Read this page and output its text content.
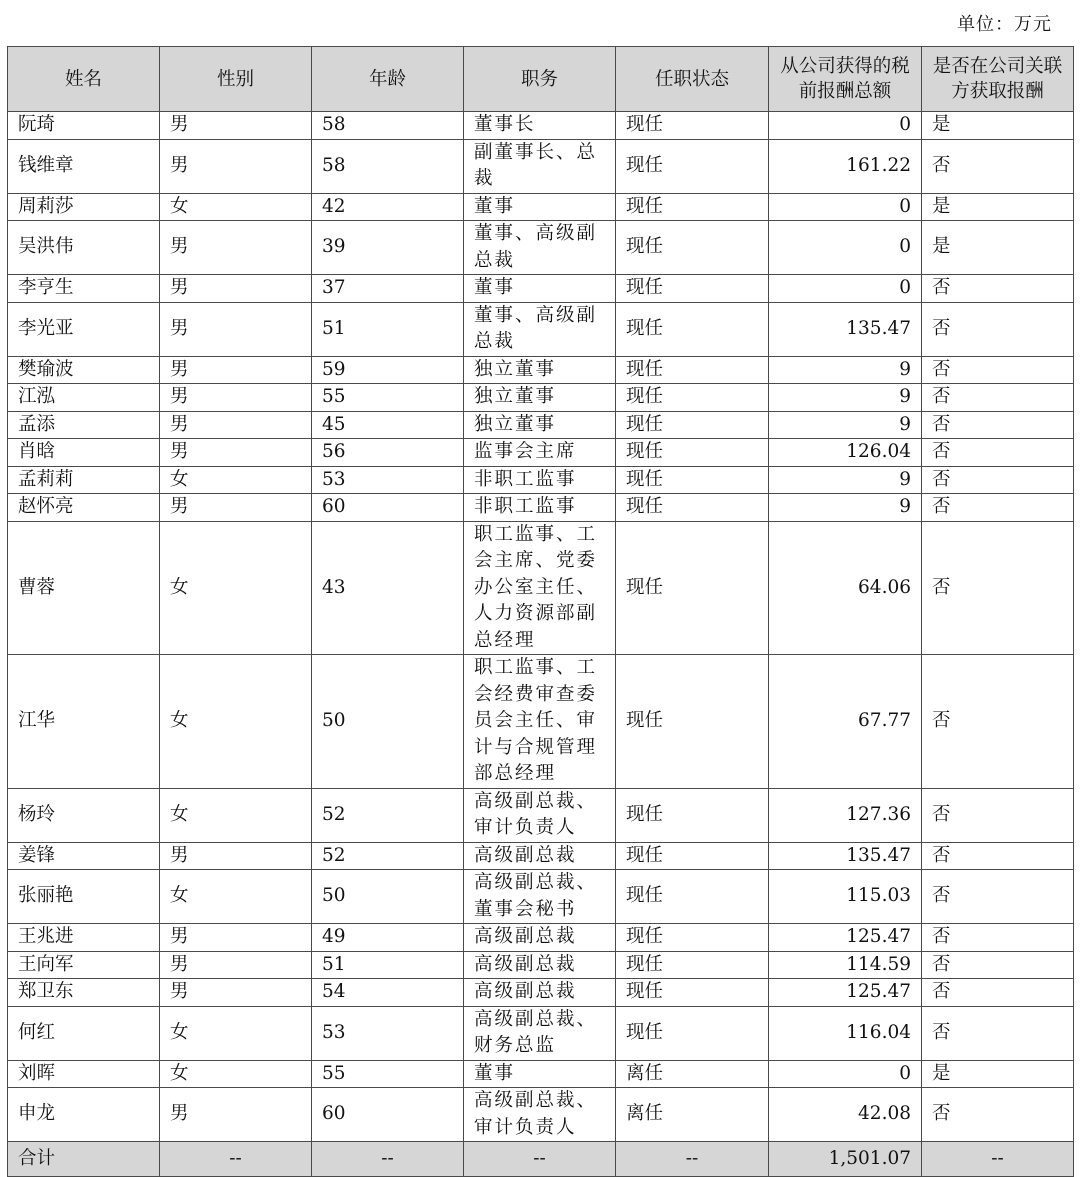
单位：万元
姓名	性别	年龄	职务	任职状态	从公司获得的税前报酬总额	是否在公司关联方获取报酬
阮琦	男	58	董事长	现任	0	是
钱维章	男	58	副董事长、总裁	现任	161.22	否
周莉莎	女	42	董事	现任	0	是
吴洪伟	男	39	董事、高级副总裁	现任	0	是
李亨生	男	37	董事	现任	0	否
李光亚	男	51	董事、高级副总裁	现任	135.47	否
樊瑜波	男	59	独立董事	现任	9	否
江泓	男	55	独立董事	现任	9	否
孟添	男	45	独立董事	现任	9	否
肖晗	男	56	监事会主席	现任	126.04	否
孟莉莉	女	53	非职工监事	现任	9	否
赵怀亮	男	60	非职工监事	现任	9	否
曹蓉	女	43	职工监事、工会主席、党委办公室主任、人力资源部副总经理	现任	64.06	否
江华	女	50	职工监事、工会经费审查委员会主任、审计与合规管理部总经理	现任	67.77	否
杨玲	女	52	高级副总裁、审计负责人	现任	127.36	否
姜锋	男	52	高级副总裁	现任	135.47	否
张丽艳	女	50	高级副总裁、董事会秘书	现任	115.03	否
王兆进	男	49	高级副总裁	现任	125.47	否
王向军	男	51	高级副总裁	现任	114.59	否
郑卫东	男	54	高级副总裁	现任	125.47	否
何红	女	53	高级副总裁、财务总监	现任	116.04	否
刘晖	女	55	董事	离任	0	是
申龙	男	60	高级副总裁、审计负责人	离任	42.08	否
合计	--	--	--	--	1,501.07	--
